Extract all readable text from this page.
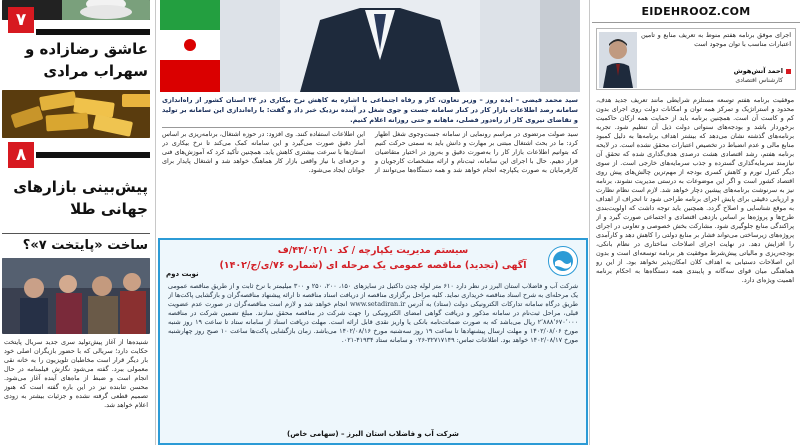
۷
عاشق رضازاده و سهراب مرادی
۸
پیش‌بینی بازارهای جهانی طلا
ساخت «پایتخت ۷»؟
شنیده‌ها از آغاز پیش‌تولید سری جدید سریال پایتخت حکایت دارد؛ سریالی که با حضور بازیگران اصلی خود بار دیگر قرار است مخاطبان تلویزیون را به خانه نقی معمولی ببرد. گفته می‌شود نگارش فیلمنامه در حال انجام است و ضبط از ماه‌های آینده آغاز می‌شود. محسن تنابنده نیز در این باره گفته است که هنوز تصمیم قطعی گرفته نشده و جزئیات بیشتر به زودی اعلام خواهد شد.
سید محمد فیضی – ایده روز – وزیر تعاون، کار و رفاه اجتماعی با اشاره به کاهش نرخ بیکاری در ۲۴ استان کشور از راه‌اندازی سامانه رصد اطلاعات بازار کار در کنار سامانه جست و جوی شغل در آینده نزدیک خبر داد و گفت: با راه‌اندازی این سامانه بر تولید و تقاضای نیروی کار از راه‌دور فصلی، ماهانه و حتی روزانه اعلام کنیم.
سید صولت مرتضوی در مراسم رونمایی از سامانه جست‌وجوی شغل اظهار کرد: ما در بحث اشتغال مبتنی بر مهارت و دانش باید به سمتی حرکت کنیم که بتوانیم اطلاعات بازار کار را به‌صورت دقیق و به‌روز در اختیار متقاضیان قرار دهیم. حال با اجرای این سامانه، ثبت‌نام و ارائه مشخصات کارجویان و کارفرمایان به صورت یکپارچه انجام خواهد شد و همه دستگاه‌ها می‌توانند از این اطلاعات استفاده کنند. وی افزود: در حوزه اشتغال، برنامه‌ریزی بر اساس آمار دقیق صورت می‌گیرد و این سامانه کمک می‌کند تا نرخ بیکاری در استان‌ها با سرعت بیشتری کاهش یابد. همچنین تأکید کرد که آموزش‌های فنی و حرفه‌ای با نیاز واقعی بازار کار هماهنگ خواهد شد و اشتغال پایدار برای جوانان ایجاد می‌شود.
سیستم مدیریت یکپارچه / کد ۴۳/۰۲/۱۰/ف
آگهی (تجدید) مناقصه عمومی یک مرحله ای (شماره ۷۶/ی/ج/۱۴۰۲)
نوبت دوم
شرکت آب و فاضلاب استان البرز در نظر دارد ۶۱۰ متر لوله چدن داکتیل در سایزهای ۱۵۰، ۲۰۰، ۲۵۰ و ۳۰۰ میلیمتر با نرخ ثابت و از طریق مناقصه عمومی یک مرحله‌ای به شرح اسناد مناقصه خریداری نماید. کلیه مراحل برگزاری مناقصه از دریافت اسناد مناقصه تا ارائه پیشنهاد مناقصه‌گران و بازگشایی پاکت‌ها از طریق درگاه سامانه تدارکات الکترونیکی دولت (ستاد) به آدرس www.setadiran.ir انجام خواهد شد و لازم است مناقصه‌گران در صورت عدم عضویت قبلی، مراحل ثبت‌نام در سامانه مذکور و دریافت گواهی امضای الکترونیکی را جهت شرکت در مناقصه محقق سازند. مبلغ تضمین شرکت در مناقصه ۲٬۸۸۸٬۶۷۰٬۰۰۰ ریال می‌باشد که به صورت ضمانت‌نامه بانکی یا واریز نقدی قابل ارائه است. مهلت دریافت اسناد از سامانه ستاد تا ساعت ۱۹ روز شنبه مورخ ۱۴۰۲/۰۸/۰۶ و مهلت ارسال پیشنهادها تا ساعت ۱۹ روز سه‌شنبه مورخ ۱۴۰۲/۰۸/۱۶ می‌باشد. زمان بازگشایی پاکت‌ها ساعت ۱۰ صبح روز چهارشنبه مورخ ۱۴۰۲/۰۸/۱۷ خواهد بود. اطلاعات تماس: ۳۲۷۱۷۱۴۹-۰۲۶ و سامانه ستاد ۴۱۹۳۴-۰۲۱.
شرکت آب و فاضلاب استان البرز – (سهامی خاص)
EIDEHROOZ.COM
اجرای موفق برنامه هفتم منوط به تعریف منابع و تامین اعتبارات مناسب با توان موجود است
احمد آتش‌هوش
کارشناس اقتصادی
موفقیت برنامه هفتم توسعه مستلزم شرایطی مانند تعریف جدید هدف، محدود و استراتژیک و تمرکز همه توان و امکانات دولت روی اجرای بدون کم و کاست آن است. همچنین برنامه باید از حمایت همه ارکان حاکمیت برخوردار باشد و بودجه‌های سنواتی دولت ذیل آن تنظیم شود. تجربه برنامه‌های گذشته نشان می‌دهد که بیشتر اهداف برنامه‌ها به دلیل کمبود منابع مالی و عدم انضباط در تخصیص اعتبارات محقق نشده است. در لایحه برنامه هفتم، رشد اقتصادی هشت درصدی هدف‌گذاری شده که تحقق آن نیازمند سرمایه‌گذاری گسترده و جذب سرمایه‌های خارجی است. از سوی دیگر کنترل تورم و کاهش کسری بودجه از مهم‌ترین چالش‌های پیش روی اقتصاد کشور است و اگر این موضوعات به درستی مدیریت نشوند، برنامه نیز به سرنوشت برنامه‌های پیشین دچار خواهد شد. لازم است نظام نظارت و ارزیابی دقیقی برای پایش اجرای برنامه طراحی شود تا انحراف از اهداف به موقع شناسایی و اصلاح گردد. همچنین باید توجه داشت که اولویت‌بندی طرح‌ها و پروژه‌ها بر اساس بازدهی اقتصادی و اجتماعی صورت گیرد و از پراکندگی منابع جلوگیری شود. مشارکت بخش خصوصی و تعاونی در اجرای پروژه‌های زیرساختی می‌تواند فشار بر منابع دولتی را کاهش دهد و کارآمدی را افزایش دهد. در نهایت اجرای اصلاحات ساختاری در نظام بانکی، بودجه‌ریزی و مالیاتی پیش‌شرط موفقیت هر برنامه توسعه‌ای است و بدون این اصلاحات دستیابی به اهداف کلان امکان‌پذیر نخواهد بود. از این رو هماهنگی میان قوای سه‌گانه و پایبندی همه دستگاه‌ها به احکام برنامه اهمیت ویژه‌ای دارد.
